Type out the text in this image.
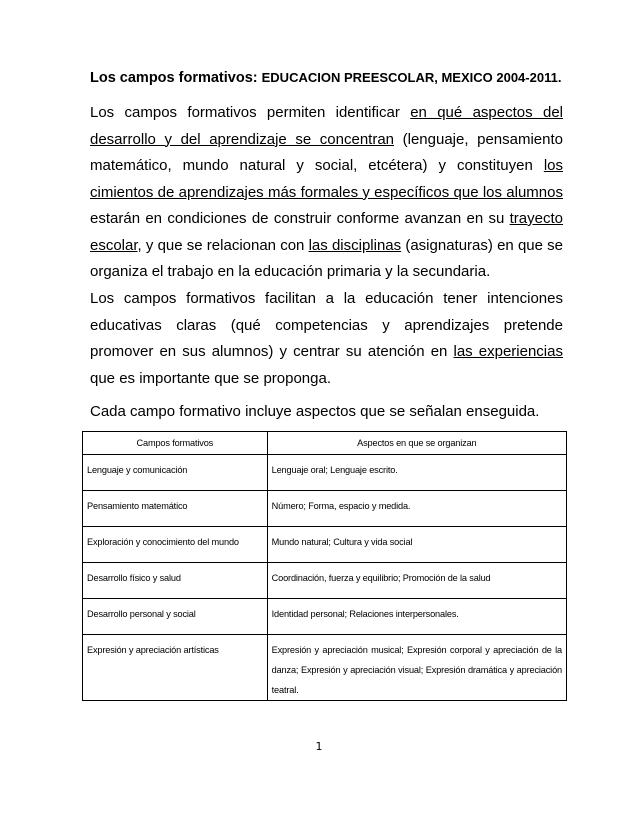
Los campos formativos: EDUCACION PREESCOLAR, MEXICO 2004-2011.

Los campos formativos permiten identificar en qué aspectos del desarrollo y del aprendizaje se concentran (lenguaje, pensamiento matemático, mundo natural y social, etcétera) y constituyen los cimientos de aprendizajes más formales y específicos que los alumnos estarán en condiciones de construir conforme avanzan en su trayecto escolar, y que se relacionan con las disciplinas (asignaturas) en que se organiza el trabajo en la educación primaria y la secundaria.

Los campos formativos facilitan a la educación tener intenciones educativas claras (qué competencias y aprendizajes pretende promover en sus alumnos) y centrar su atención en las experiencias que es importante que se proponga.

Cada campo formativo incluye aspectos que se señalan enseguida.

Campos formativos	Aspectos en que se organizan

Lenguaje y comunicación	Lenguaje oral; Lenguaje escrito.

Pensamiento matemático	Número; Forma, espacio y medida.

Exploración y conocimiento del mundo	Mundo natural; Cultura y vida social

Desarrollo físico y salud	Coordinación, fuerza y equilibrio; Promoción de la salud

Desarrollo personal y social	Identidad personal; Relaciones interpersonales.

Expresión y apreciación artísticas	Expresión y apreciación musical; Expresión corporal y apreciación de la danza; Expresión y apreciación visual; Expresión dramática y apreciación teatral.
1
